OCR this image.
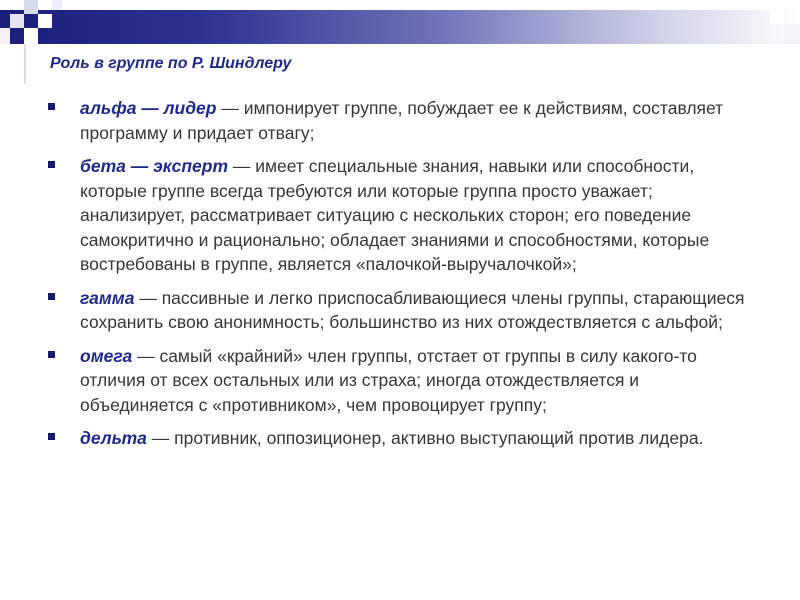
Роль в группе по Р. Шиндлеру
альфа — лидер — импонирует группе, побуждает ее к действиям, составляет программу и придает отвагу;
бета — эксперт — имеет специальные знания, навыки или способности, которые группе всегда требуются или которые группа просто уважает; анализирует, рассматривает ситуацию с нескольких сторон; его поведение самокритично и рационально; обладает знаниями и способностями, которые востребованы в группе, является «палочкой-выручалочкой»;
гамма — пассивные и легко приспосабливающиеся члены группы, старающиеся сохранить свою анонимность; большинство из них отождествляется с альфой;
омега — самый «крайний» член группы, отстает от группы в силу какого-то отличия от всех остальных или из страха; иногда отождествляется и объединяется с «противником», чем провоцирует группу;
дельта — противник, оппозиционер, активно выступающий против лидера.
